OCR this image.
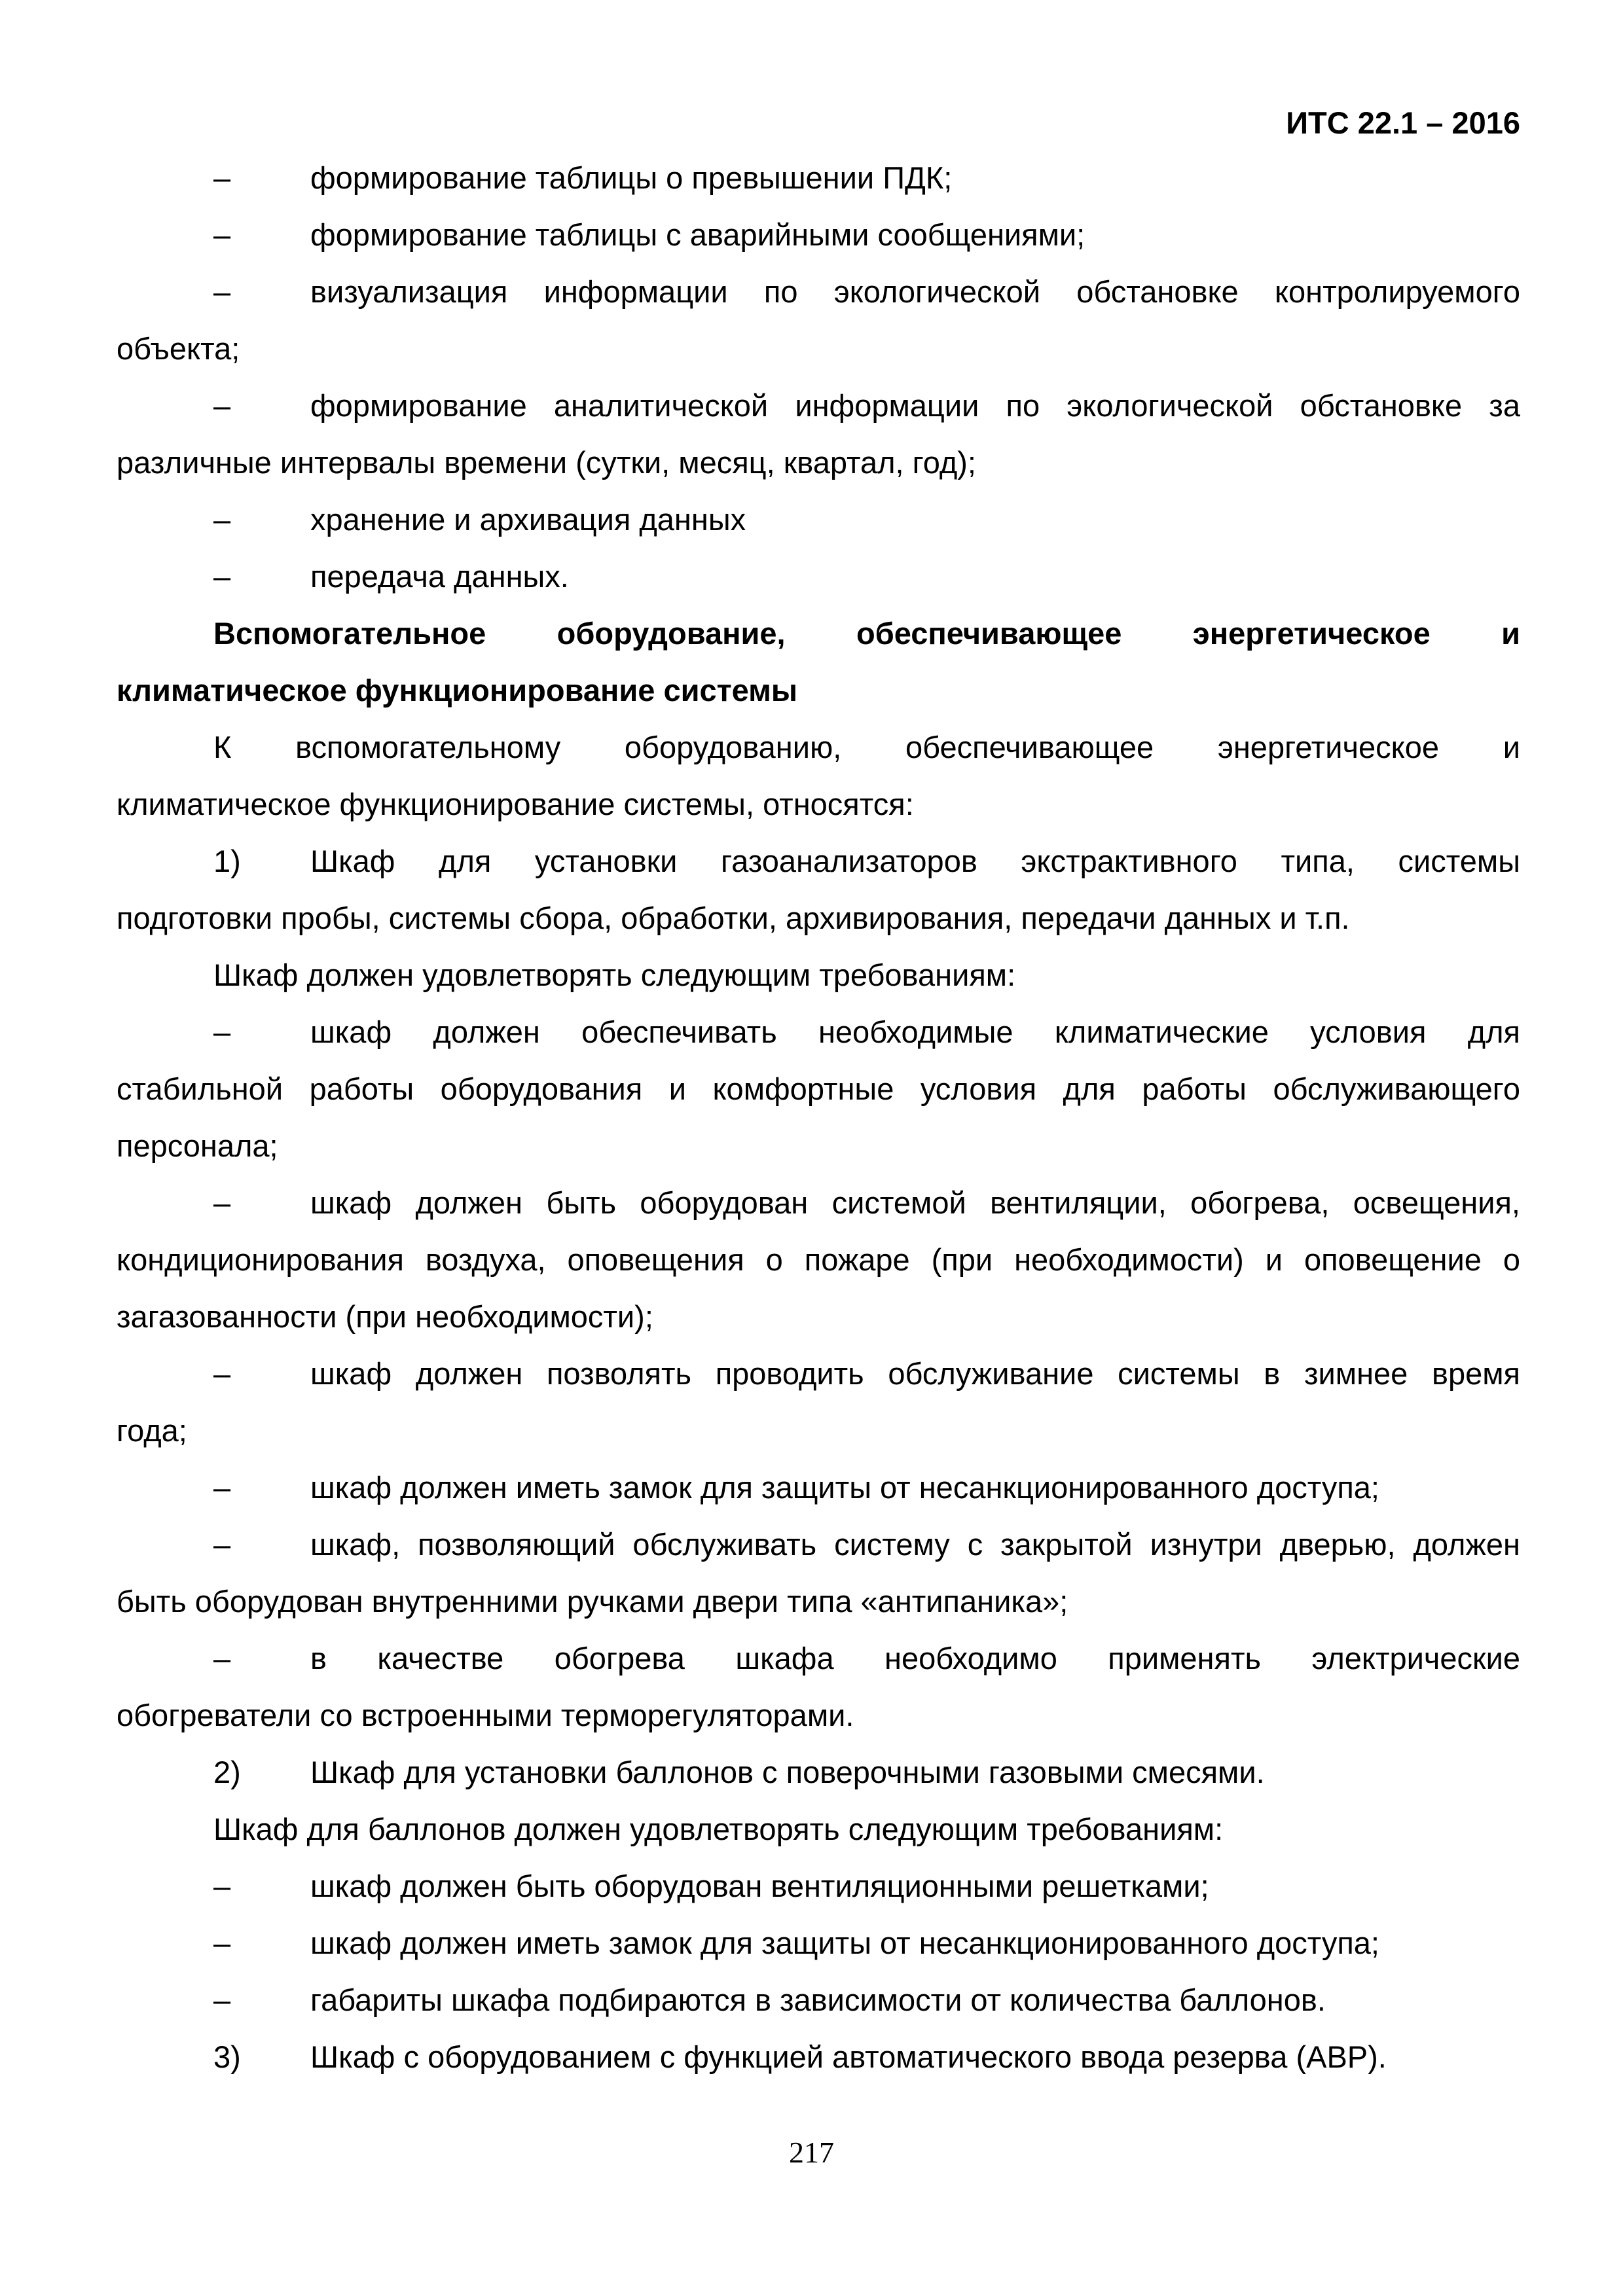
ИТС 22.1 – 2016
–	формирование таблицы о превышении ПДК;
–	формирование таблицы с аварийными сообщениями;
–	визуализация информации по экологической обстановке контролируемого
объекта;
–	формирование аналитической информации по экологической обстановке за
различные интервалы времени (сутки, месяц, квартал, год);
–	хранение и архивация данных
–	передача данных.
Вспомогательное оборудование, обеспечивающее энергетическое и
климатическое функционирование системы
К вспомогательному оборудованию, обеспечивающее энергетическое и
климатическое функционирование системы, относятся:
1) Шкаф для установки газоанализаторов экстрактивного типа, системы
подготовки пробы, системы сбора, обработки, архивирования, передачи данных и т.п.
Шкаф должен удовлетворять следующим требованиям:
–	шкаф должен обеспечивать необходимые климатические условия для
стабильной работы оборудования и комфортные условия для работы обслуживающего
персонала;
–	шкаф должен быть оборудован системой вентиляции, обогрева, освещения,
кондиционирования воздуха, оповещения о пожаре (при необходимости) и оповещение о
загазованности (при необходимости);
–	шкаф должен позволять проводить обслуживание системы в зимнее время
года;
–	шкаф должен иметь замок для защиты от несанкционированного доступа;
–	шкаф, позволяющий обслуживать систему с закрытой изнутри дверью, должен
быть оборудован внутренними ручками двери типа «антипаника»;
–	в качестве обогрева шкафа необходимо применять электрические
обогреватели со встроенными терморегуляторами.
2) Шкаф для установки баллонов с поверочными газовыми смесями.
Шкаф для баллонов должен удовлетворять следующим требованиям:
–	шкаф должен быть оборудован вентиляционными решетками;
–	шкаф должен иметь замок для защиты от несанкционированного доступа;
–	габариты шкафа подбираются в зависимости от количества баллонов.
3) Шкаф с оборудованием с функцией автоматического ввода резерва (АВР).
217
